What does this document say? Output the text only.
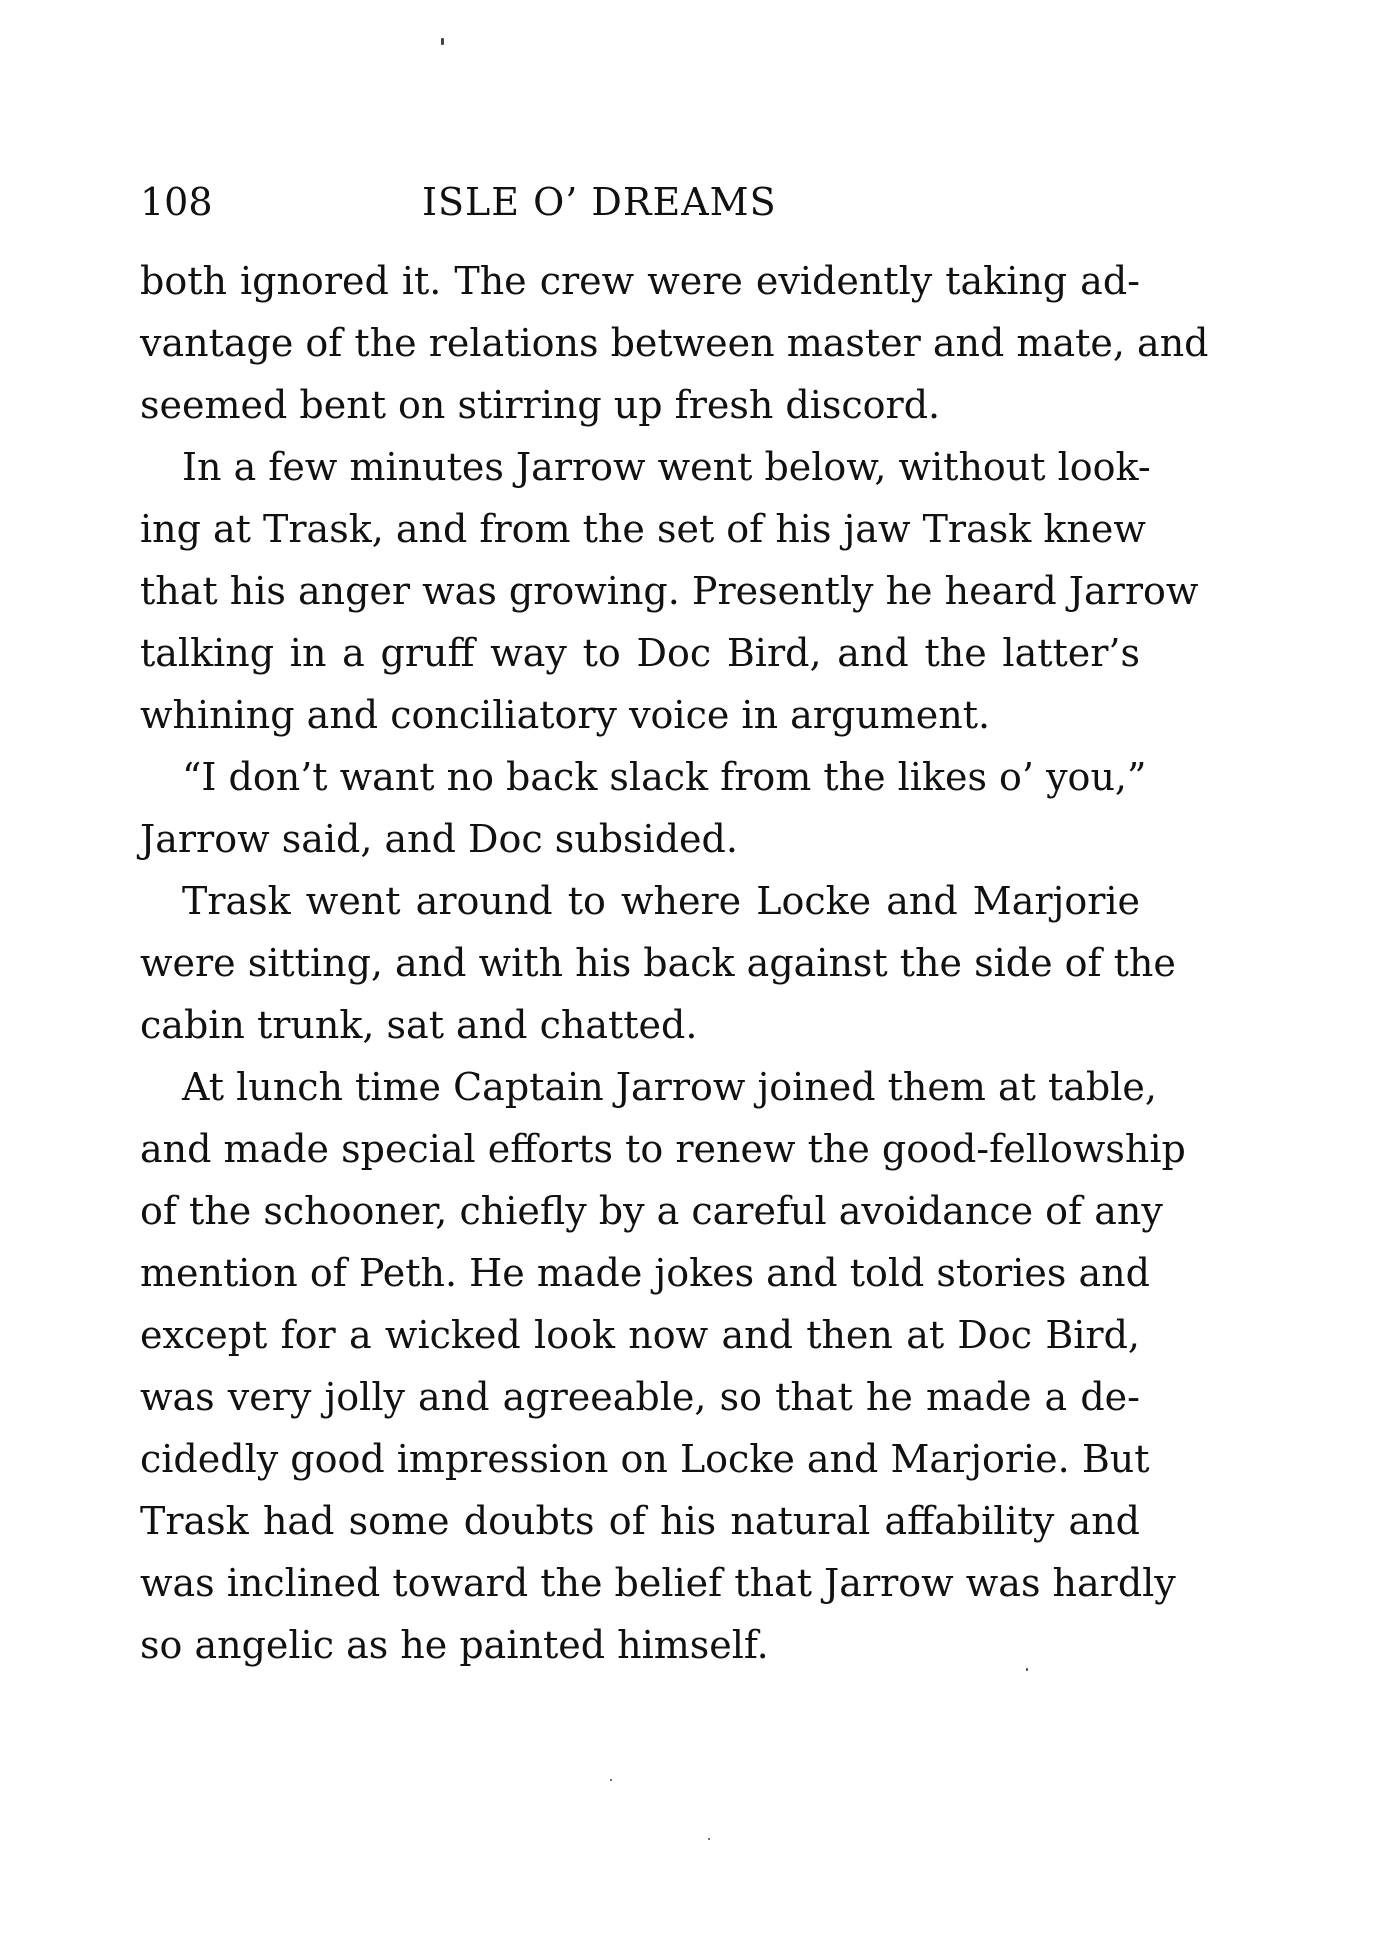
108	ISLE O’ DREAMS
both ignored it. The crew were evidently taking ad-
vantage of the relations between master and mate, and
seemed bent on stirring up fresh discord.
In a few minutes Jarrow went below, without look-
ing at Trask, and from the set of his jaw Trask knew
that his anger was growing. Presently he heard Jarrow
talking in a gruff way to Doc Bird, and the latter’s
whining and conciliatory voice in argument.
“I don’t want no back slack from the likes o’ you,”
Jarrow said, and Doc subsided.
Trask went around to where Locke and Marjorie
were sitting, and with his back against the side of the
cabin trunk, sat and chatted.
At lunch time Captain Jarrow joined them at table,
and made special efforts to renew the good-fellowship
of the schooner, chiefly by a careful avoidance of any
mention of Peth. He made jokes and told stories and
except for a wicked look now and then at Doc Bird,
was very jolly and agreeable, so that he made a de-
cidedly good impression on Locke and Marjorie. But
Trask had some doubts of his natural affability and
was inclined toward the belief that Jarrow was hardly
so angelic as he painted himself.
